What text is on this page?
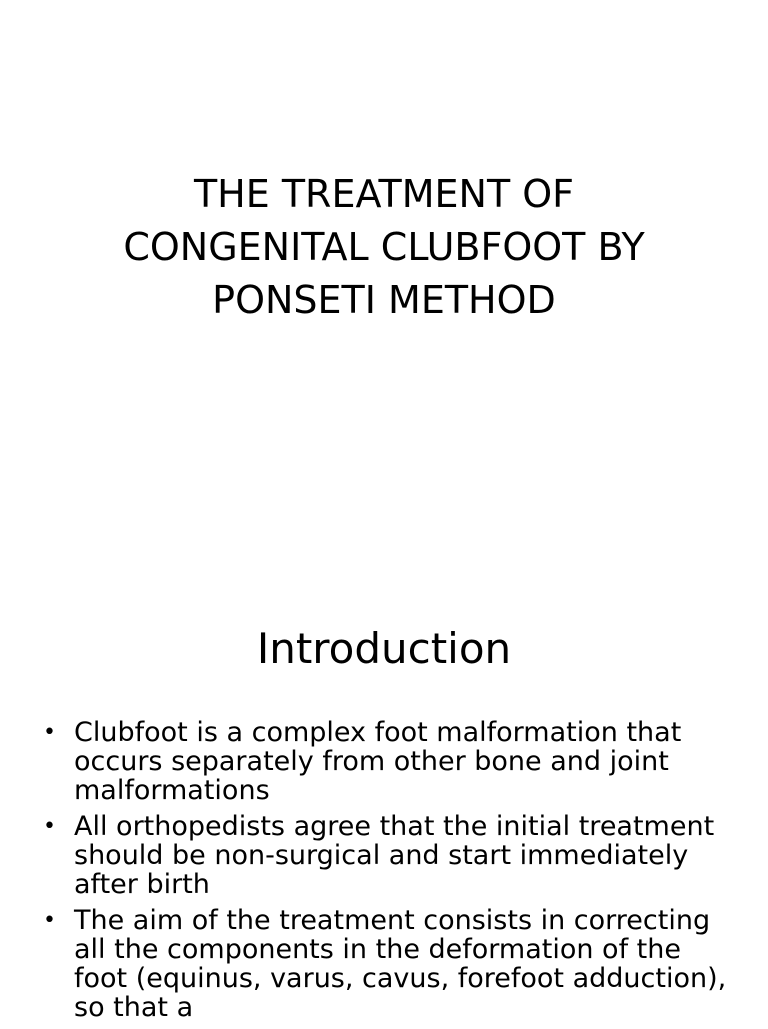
THE TREATMENT OF
CONGENITAL CLUBFOOT BY
PONSETI METHOD
Introduction
• Clubfoot is a complex foot malformation that occurs separately from other bone and joint malformations
• All orthopedists agree that the initial treatment should be non-surgical and start immediately after birth
• The aim of the treatment consists in correcting all the components in the deformation of the foot (equinus, varus, cavus, forefoot adduction), so that a
